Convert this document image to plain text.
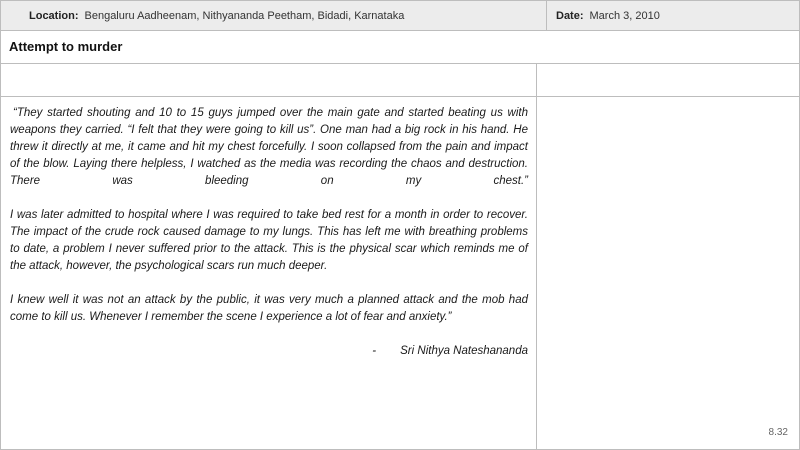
Location: Bengaluru Aadheenam, Nithyananda Peetham, Bidadi, Karnataka	Date: March 3, 2010
Attempt to murder

“They started shouting and 10 to 15 guys jumped over the main gate and started beating us with weapons they carried. “I felt that they were going to kill us”. One man had a big rock in his hand. He threw it directly at me, it came and hit my chest forcefully. I soon collapsed from the pain and impact of the blow. Laying there helpless, I watched as the media was recording the chaos and destruction. There was bleeding on my chest.”

I was later admitted to hospital where I was required to take bed rest for a month in order to recover. The impact of the crude rock caused damage to my lungs. This has left me with breathing problems to date, a problem I never suffered prior to the attack. This is the physical scar which reminds me of the attack, however, the psychological scars run much deeper.

I knew well it was not an attack by the public, it was very much a planned attack and the mob had come to kill us. Whenever I remember the scene I experience a lot of fear and anxiety.”

- Sri Nithya Nateshananda
8.32
